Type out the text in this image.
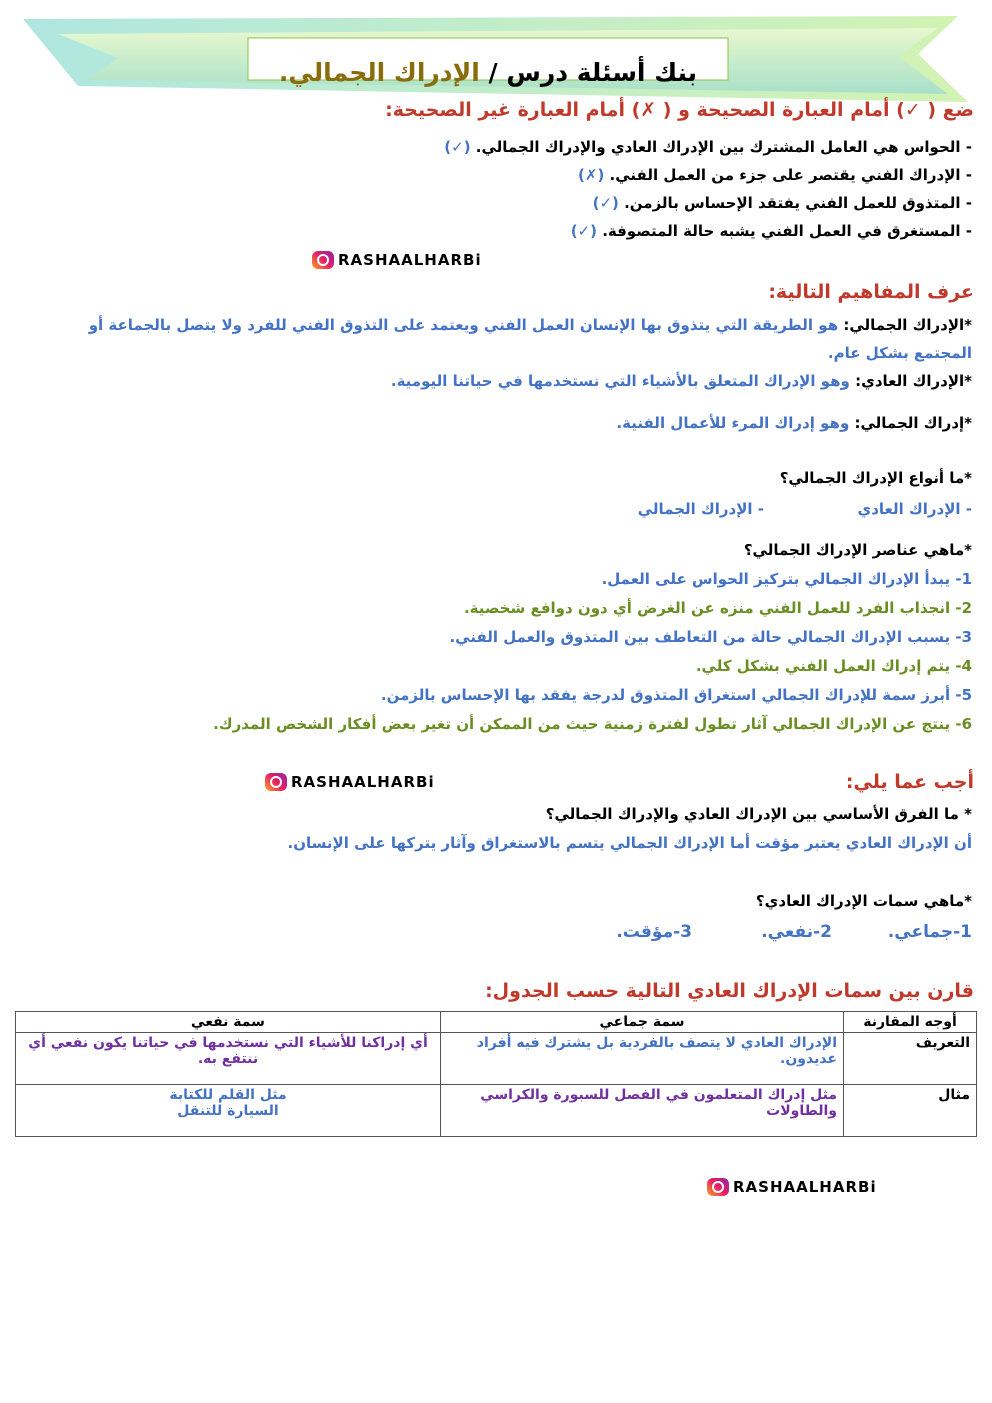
بنك أسئلة درس / الإدراك الجمالي.
ضع ( ✓) أمام العبارة الصحيحة و ( ✗) أمام العبارة غير الصحيحة:
- الحواس هي العامل المشترك بين الإدراك العادي والإدراك الجمالي. (✓)
- الإدراك الفني يقتصر على جزء من العمل الفني. (✗)
- المتذوق للعمل الفني يفتقد الإحساس بالزمن. (✓)
- المستغرق في العمل الفني يشبه حالة المتصوفة. (✓)
RASHAALHARBi
عرف المفاهيم التالية:
*الإدراك الجمالي: هو الطريقة التي يتذوق بها الإنسان العمل الفني ويعتمد على التذوق الفني للفرد ولا يتصل بالجماعة أو
المجتمع بشكل عام.
*الإدراك العادي: وهو الإدراك المتعلق بالأشياء التي نستخدمها في حياتنا اليومية.
*إدراك الجمالي: وهو إدراك المرء للأعمال الفنية.
*ما أنواع الإدراك الجمالي؟
- الإدراك العادي
- الإدراك الجمالي
*ماهي عناصر الإدراك الجمالي؟
1- يبدأ الإدراك الجمالي بتركيز الحواس على العمل.
2- انجذاب الفرد للعمل الفني منزه عن الغرض أي دون دوافع شخصية.
3- يسبب الإدراك الجمالي حالة من التعاطف بين المتذوق والعمل الفني.
4- يتم إدراك العمل الفني بشكل كلي.
5- أبرز سمة للإدراك الجمالي استغراق المتذوق لدرجة يفقد بها الإحساس بالزمن.
6- ينتج عن الإدراك الجمالي آثار تطول لفترة زمنية حيث من الممكن أن تغير بعض أفكار الشخص المدرك.
RASHAALHARBi	أجب عما يلي:
* ما الفرق الأساسي بين الإدراك العادي والإدراك الجمالي؟
أن الإدراك العادي يعتبر مؤقت أما الإدراك الجمالي يتسم بالاستغراق وآثار يتركها على الإنسان.
*ماهي سمات الإدراك العادي؟
1-جماعي.
2-نفعي.
3-مؤقت.
قارن بين سمات الإدراك العادي التالية حسب الجدول:
أوجه المقارنة	سمة جماعي	سمة نفعي
التعريف	الإدراك العادي لا يتصف بالفردية بل يشترك فيه أفراد عديدون.	أي إدراكنا للأشياء التي نستخدمها في حياتنا يكون نفعي أي ننتفع به.
مثال	مثل إدراك المتعلمون في الفصل للسبورة والكراسي والطاولات	مثل القلم للكتابة
السيارة للتنقل
RASHAALHARBi
